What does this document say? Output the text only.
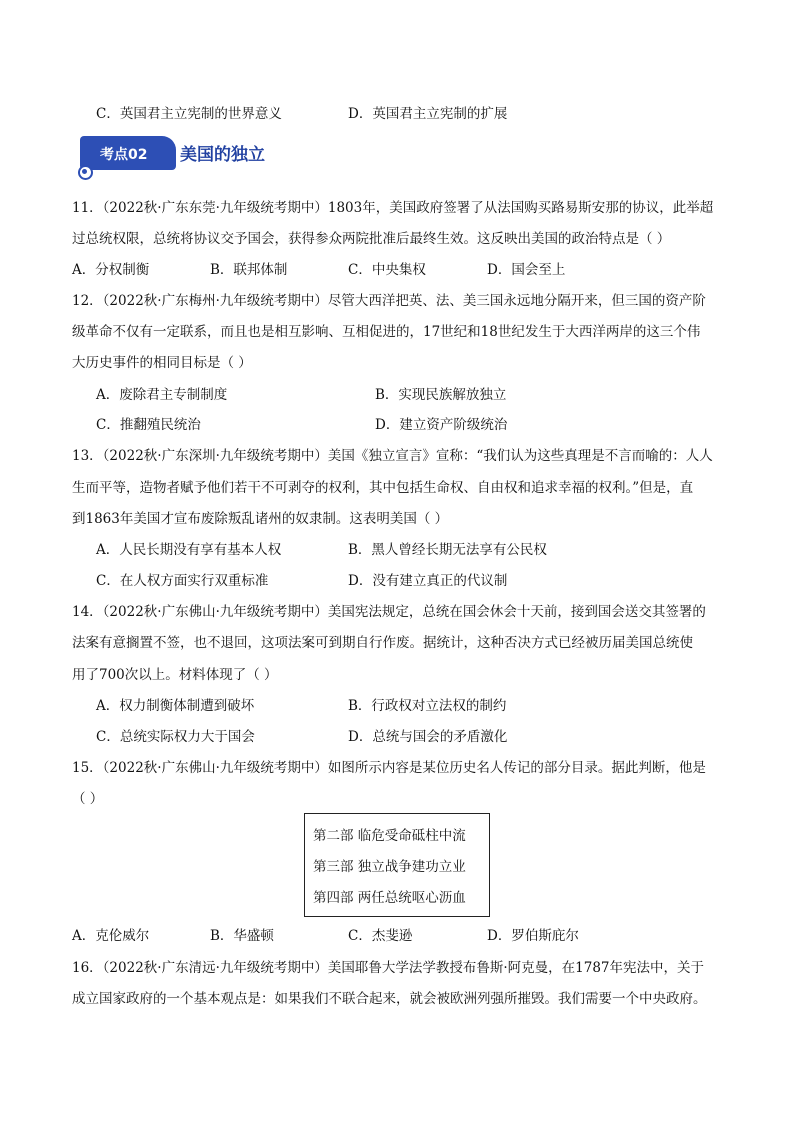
C．英国君主立宪制的世界意义	D．英国君主立宪制的扩展
考点02 美国的独立
11．（2022秋·广东东莞·九年级统考期中）1803年，美国政府签署了从法国购买路易斯安那的协议，此举超
过总统权限，总统将协议交予国会，获得参众两院批准后最终生效。这反映出美国的政治特点是（ ）
A．分权制衡	B．联邦体制	C．中央集权	D．国会至上
12．（2022秋·广东梅州·九年级统考期中）尽管大西洋把英、法、美三国永远地分隔开来，但三国的资产阶
级革命不仅有一定联系，而且也是相互影响、互相促进的，17世纪和18世纪发生于大西洋两岸的这三个伟
大历史事件的相同目标是（ ）
A．废除君主专制制度	B．实现民族解放独立
C．推翻殖民统治	D．建立资产阶级统治
13．（2022秋·广东深圳·九年级统考期中）美国《独立宣言》宣称：“我们认为这些真理是不言而喻的：人人
生而平等，造物者赋予他们若干不可剥夺的权利，其中包括生命权、自由权和追求幸福的权利。”但是，直
到1863年美国才宣布废除叛乱诸州的奴隶制。这表明美国（ ）
A．人民长期没有享有基本人权	B．黑人曾经长期无法享有公民权
C．在人权方面实行双重标准	D．没有建立真正的代议制
14．（2022秋·广东佛山·九年级统考期中）美国宪法规定，总统在国会休会十天前，接到国会送交其签署的
法案有意搁置不签，也不退回，这项法案可到期自行作废。据统计，这种否决方式已经被历届美国总统使
用了700次以上。材料体现了（ ）
A．权力制衡体制遭到破坏	B．行政权对立法权的制约
C．总统实际权力大于国会	D．总统与国会的矛盾激化
15．（2022秋·广东佛山·九年级统考期中）如图所示内容是某位历史名人传记的部分目录。据此判断，他是
（ ）
第二部 临危受命砥柱中流
第三部 独立战争建功立业
第四部 两任总统呕心沥血
A．克伦威尔	B．华盛顿	C．杰斐逊	D．罗伯斯庇尔
16．（2022秋·广东清远·九年级统考期中）美国耶鲁大学法学教授布鲁斯·阿克曼，在1787年宪法中，关于
成立国家政府的一个基本观点是：如果我们不联合起来，就会被欧洲列强所摧毁。我们需要一个中央政府。
